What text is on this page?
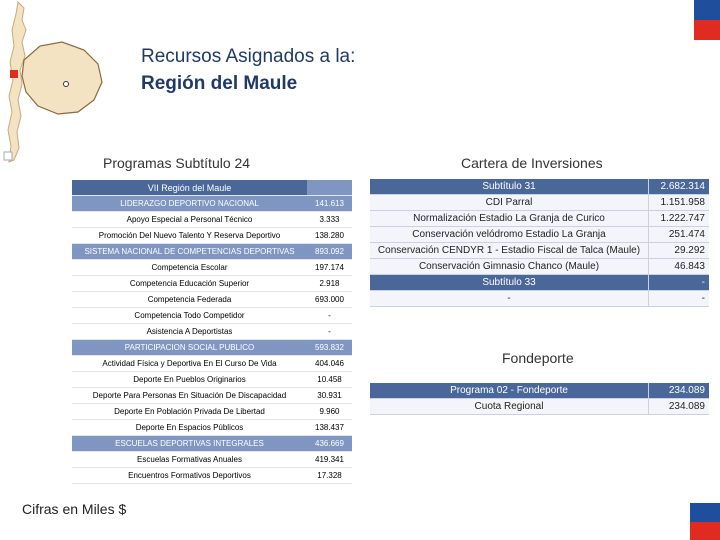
Recursos Asignados a la:
Región del Maule
Programas Subtítulo 24	Cartera de Inversiones
VII Región del Maule	
LIDERAZGO DEPORTIVO NACIONAL	141.613
Apoyo Especial a Personal Técnico	3.333
Promoción Del Nuevo Talento Y Reserva Deportivo	138.280
SISTEMA NACIONAL DE COMPETENCIAS DEPORTIVAS	893.092
Competencia Escolar	197.174
Competencia Educación Superior	2.918
Competencia Federada	693.000
Competencia Todo Competidor	-
Asistencia A Deportistas	-
PARTICIPACION SOCIAL PUBLICO	593.832
Actividad Física y Deportiva En El Curso De Vida	404.046
Deporte En Pueblos Originarios	10.458
Deporte Para Personas En Situación De Discapacidad	30.931
Deporte En Población Privada De Libertad	9.960
Deporte En Espacios Públicos	138.437
ESCUELAS DEPORTIVAS INTEGRALES	436.669
Escuelas Formativas Anuales	419.341
Encuentros Formativos Deportivos	17.328
Subtítulo 31	2.682.314
CDI Parral	1.151.958
Normalización Estadio La Granja de Curico	1.222.747
Conservación velódromo Estadio La Granja	251.474
Conservación CENDYR 1 - Estadio Fiscal de Talca (Maule)	29.292
Conservación Gimnasio Chanco (Maule)	46.843
Subtítulo 33	-
-	-
Fondeporte
Programa 02 - Fondeporte	234.089
Cuota Regional	234.089
Cifras en Miles $
